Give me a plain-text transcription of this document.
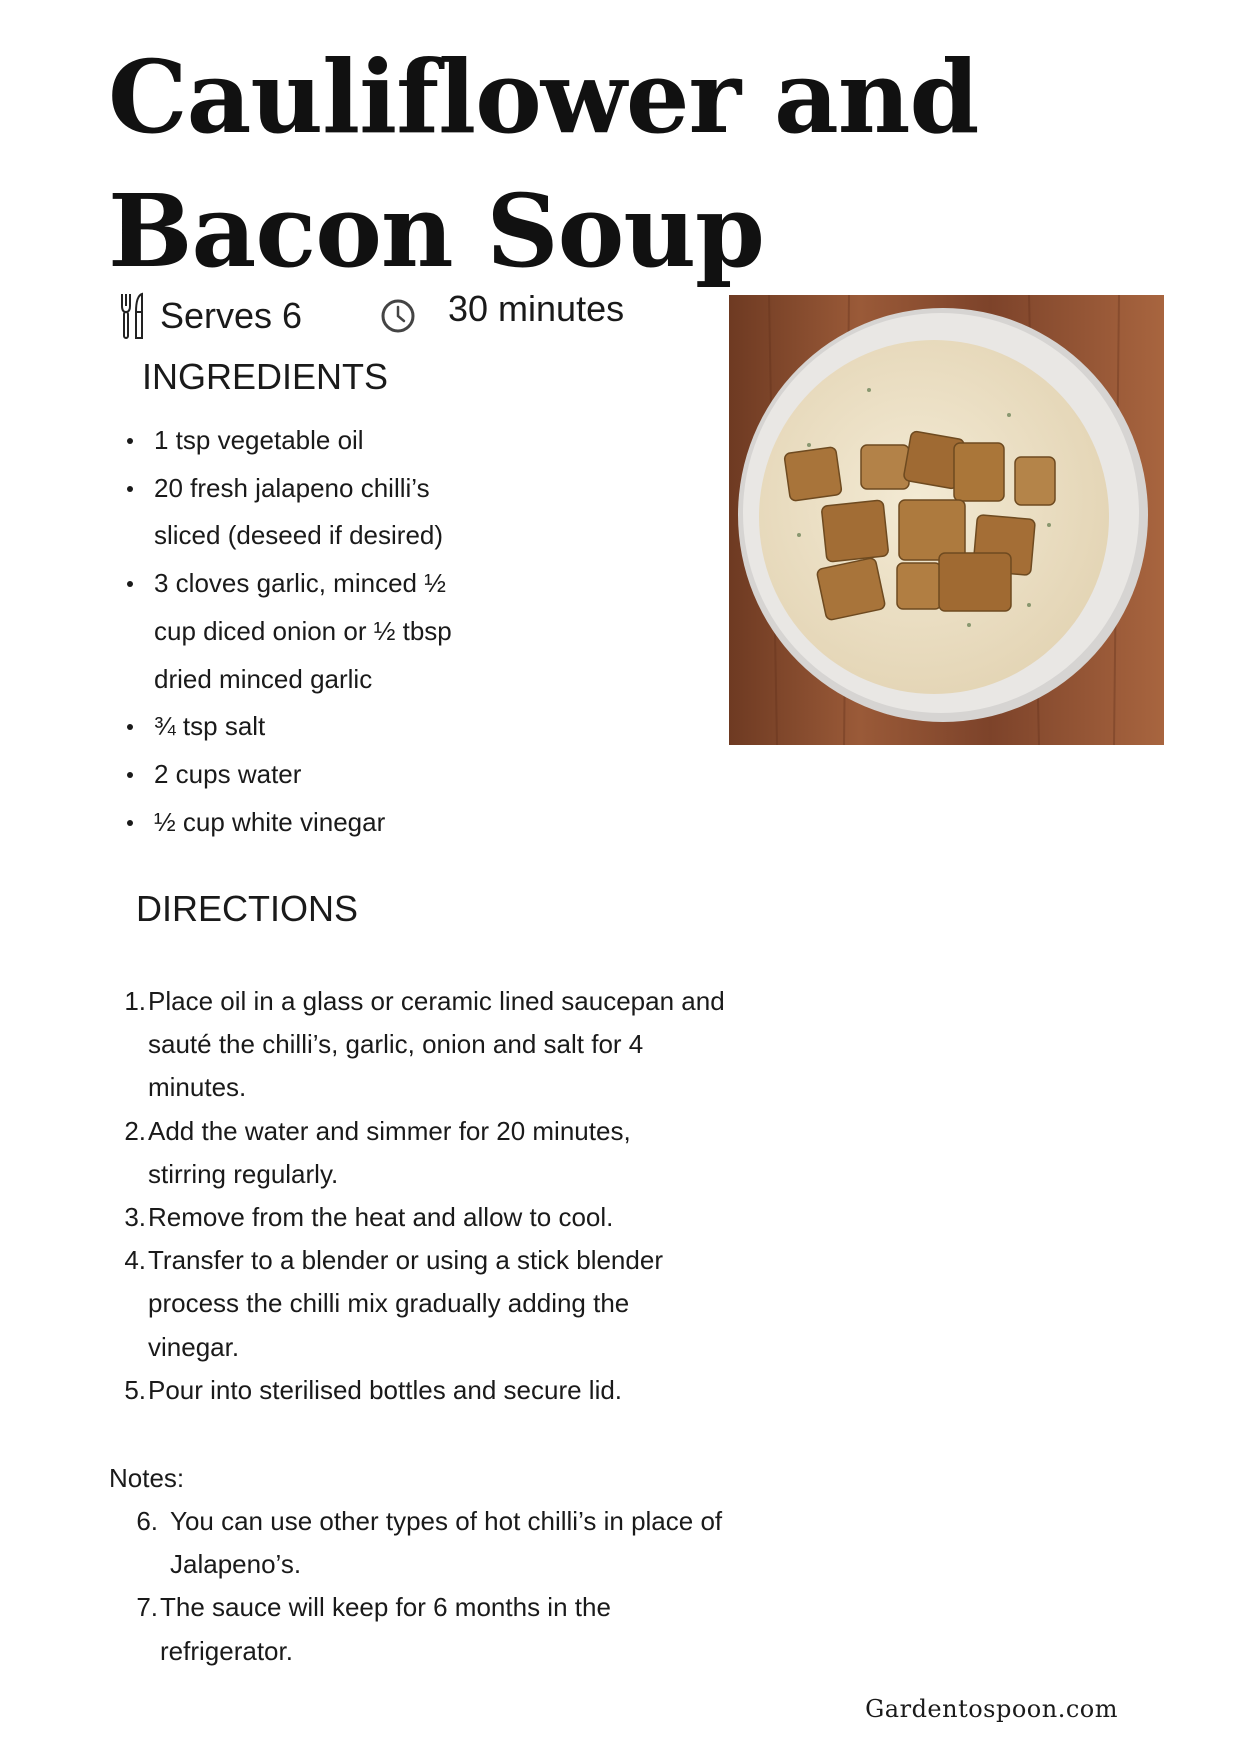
Cauliflower and Bacon Soup
Serves 6	30 minutes
INGREDIENTS
1 tsp vegetable oil
20 fresh jalapeno chilli’s sliced (deseed if desired)
3 cloves garlic, minced ½ cup diced onion or ½ tbsp dried minced garlic
¾ tsp salt
2 cups water
½ cup white vinegar
DIRECTIONS
1. Place oil in a glass or ceramic lined saucepan and sauté the chilli’s, garlic, onion and salt for 4 minutes.
2. Add the water and simmer for 20 minutes, stirring regularly.
3. Remove from the heat and allow to cool.
4. Transfer to a blender or using a stick blender process the chilli mix gradually adding the vinegar.
5. Pour into sterilised bottles and secure lid.
Notes:
6. You can use other types of hot chilli’s in place of Jalapeno’s.
7. The sauce will keep for 6 months in the refrigerator.
Gardentospoon.com
